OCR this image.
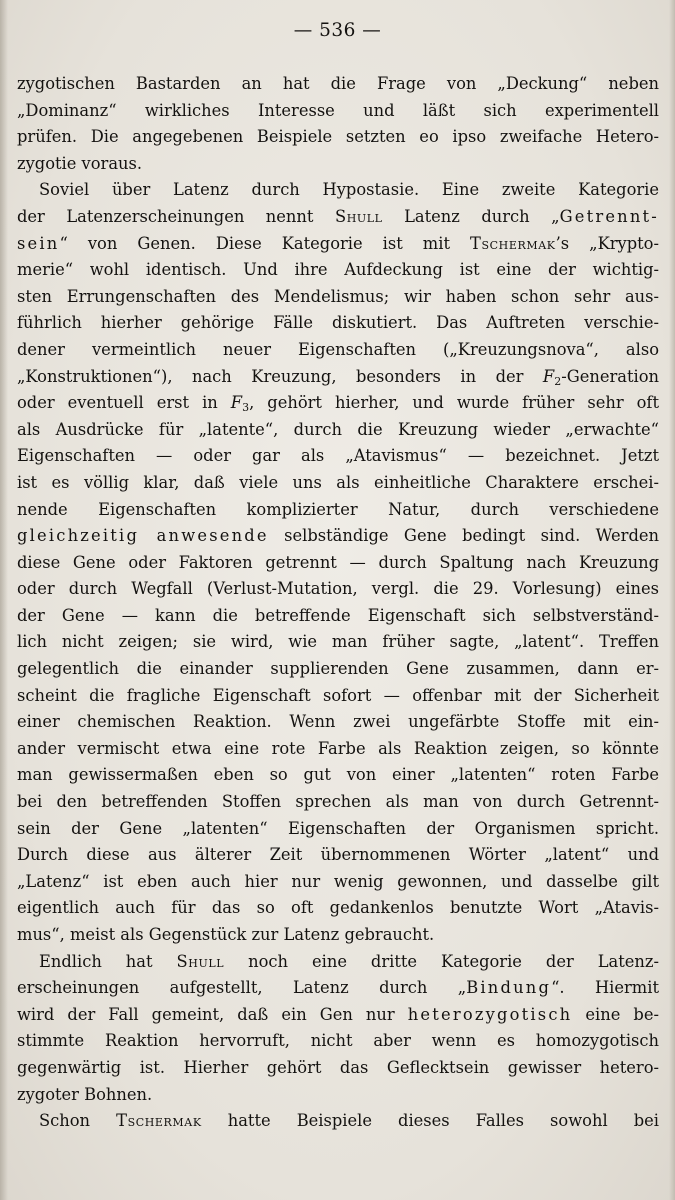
— 536 —
zygotischen Bastarden an hat die Frage von „Deckung“ neben
„Dominanz“ wirkliches Interesse und läßt sich experimentell
prüfen. Die angegebenen Beispiele setzten eo ipso zweifache Hetero-
zygotie voraus.
Soviel über Latenz durch Hypostasie. Eine zweite Kategorie
der Latenzerscheinungen nennt Shull Latenz durch „Getrennt-
sein“ von Genen. Diese Kategorie ist mit Tschermak’s „Krypto-
merie“ wohl identisch. Und ihre Aufdeckung ist eine der wichtig-
sten Errungenschaften des Mendelismus; wir haben schon sehr aus-
führlich hierher gehörige Fälle diskutiert. Das Auftreten verschie-
dener vermeintlich neuer Eigenschaften („Kreuzungsnova“, also
„Konstruktionen“), nach Kreuzung, besonders in der $F_2$-Generation
oder eventuell erst in $F_3$, gehört hierher, und wurde früher sehr oft
als Ausdrücke für „latente“, durch die Kreuzung wieder „erwachte“
Eigenschaften — oder gar als „Atavismus“ — bezeichnet. Jetzt
ist es völlig klar, daß viele uns als einheitliche Charaktere erschei-
nende Eigenschaften komplizierter Natur, durch verschiedene
gleichzeitig anwesende selbständige Gene bedingt sind. Werden
diese Gene oder Faktoren getrennt — durch Spaltung nach Kreuzung
oder durch Wegfall (Verlust-Mutation, vergl. die 29. Vorlesung) eines
der Gene — kann die betreffende Eigenschaft sich selbstverständ-
lich nicht zeigen; sie wird, wie man früher sagte, „latent“. Treffen
gelegentlich die einander supplierenden Gene zusammen, dann er-
scheint die fragliche Eigenschaft sofort — offenbar mit der Sicherheit
einer chemischen Reaktion. Wenn zwei ungefärbte Stoffe mit ein-
ander vermischt etwa eine rote Farbe als Reaktion zeigen, so könnte
man gewissermaßen eben so gut von einer „latenten“ roten Farbe
bei den betreffenden Stoffen sprechen als man von durch Getrennt-
sein der Gene „latenten“ Eigenschaften der Organismen spricht.
Durch diese aus älterer Zeit übernommenen Wörter „latent“ und
„Latenz“ ist eben auch hier nur wenig gewonnen, und dasselbe gilt
eigentlich auch für das so oft gedankenlos benutzte Wort „Atavis-
mus“, meist als Gegenstück zur Latenz gebraucht.
Endlich hat Shull noch eine dritte Kategorie der Latenz-
erscheinungen aufgestellt, Latenz durch „Bindung“. Hiermit
wird der Fall gemeint, daß ein Gen nur heterozygotisch eine be-
stimmte Reaktion hervorruft, nicht aber wenn es homozygotisch
gegenwärtig ist. Hierher gehört das Geflecktsein gewisser hetero-
zygoter Bohnen.
Schon Tschermak hatte Beispiele dieses Falles sowohl bei
